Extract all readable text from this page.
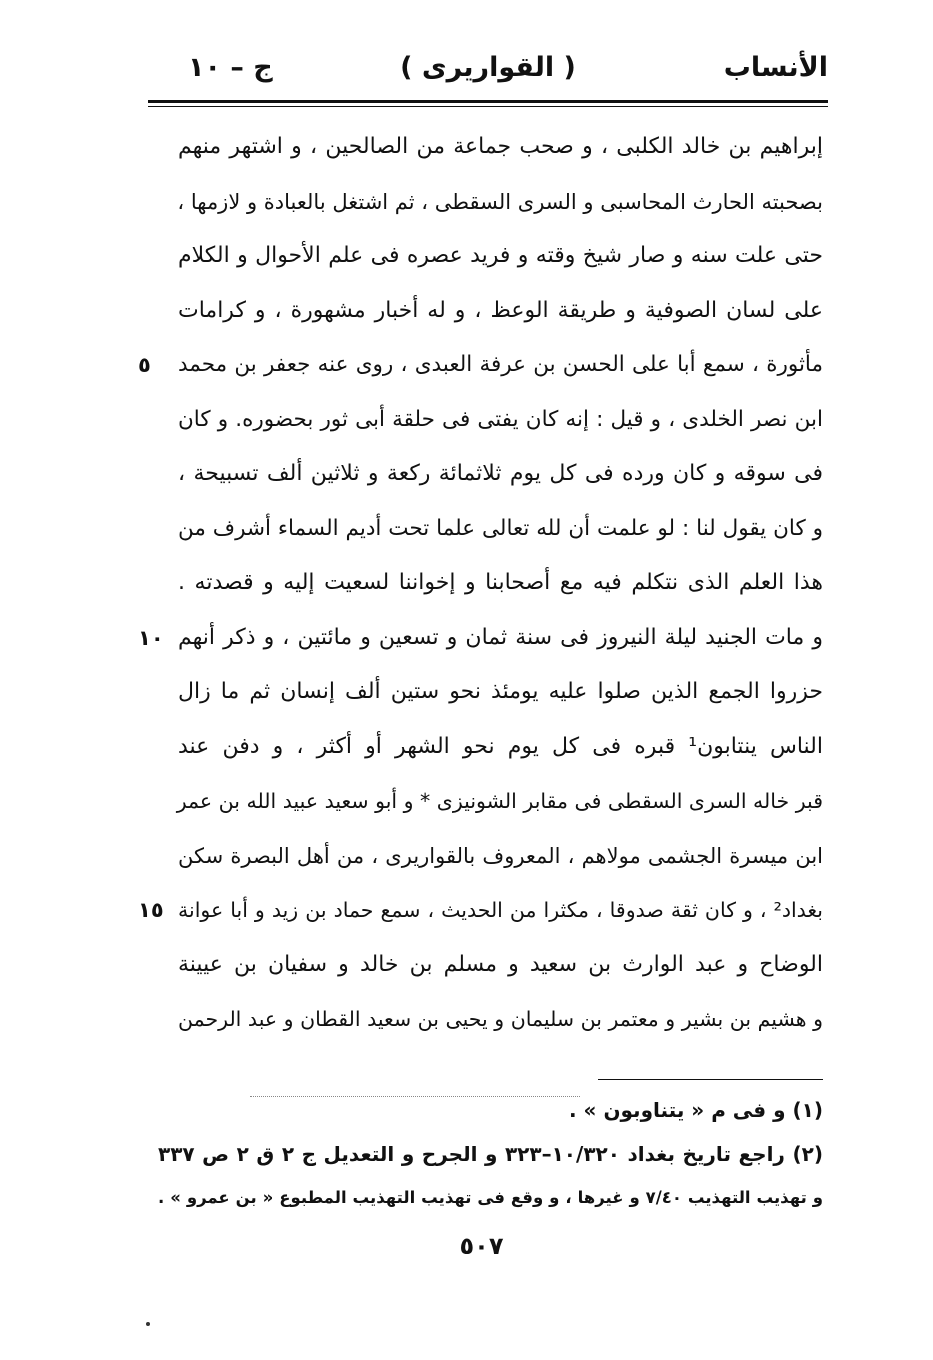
الأنساب
( القواريرى )
ج – ١٠
إبراهيم بن خالد الكلبى ، و صحب جماعة من الصالحين ، و اشتهر منهم
بصحبته الحارث المحاسبى و السرى السقطى ، ثم اشتغل بالعبادة و لازمها ،
حتى علت سنه و صار شيخ وقته و فريد عصره فى علم الأحوال و الكلام
على لسان الصوفية و طريقة الوعظ ، و له أخبار مشهورة ، و كرامات
مأثورة ، سمع أبا على الحسن بن عرفة العبدى ، روى عنه جعفر بن محمد
٥
ابن نصر الخلدى ، و قيل : إنه كان يفتى فى حلقة أبى ثور بحضوره. و كان
فى سوقه و كان ورده فى كل يوم ثلاثمائة ركعة و ثلاثين ألف تسبيحة ،
و كان يقول لنا : لو علمت أن لله تعالى علما تحت أديم السماء أشرف من
هذا العلم الذى نتكلم فيه مع أصحابنا و إخواننا لسعيت إليه و قصدته .
و مات الجنيد ليلة النيروز فى سنة ثمان و تسعين و مائتين ، و ذكر أنهم
١٠
حزروا الجمع الذين صلوا عليه يومئذ نحو ستين ألف إنسان ثم ما زال
الناس ينتابون¹ قبره فى كل يوم نحو الشهر أو أكثر ، و دفن عند
قبر خاله السرى السقطى فى مقابر الشونيزى * و أبو سعيد عبيد الله بن عمر
ابن ميسرة الجشمى مولاهم ، المعروف بالقواريرى ، من أهل البصرة سكن
بغداد² ، و كان ثقة صدوقا ، مكثرا من الحديث ، سمع حماد بن زيد و أبا عوانة
١٥
الوضاح و عبد الوارث بن سعيد و مسلم بن خالد و سفيان بن عيينة
و هشيم بن بشير و معتمر بن سليمان و يحيى بن سعيد القطان و عبد الرحمن
(١) و فى م « يتناوبون » .
(٢) راجع تاريخ بغداد ١٠/٣٢٠–٣٢٣ و الجرح و التعديل ج ٢ ق ٢ ص ٣٣٧
و تهذيب التهذيب ٧/٤٠ و غيرها ، و وقع فى تهذيب التهذيب المطبوع « بن عمرو » .
٥٠٧
